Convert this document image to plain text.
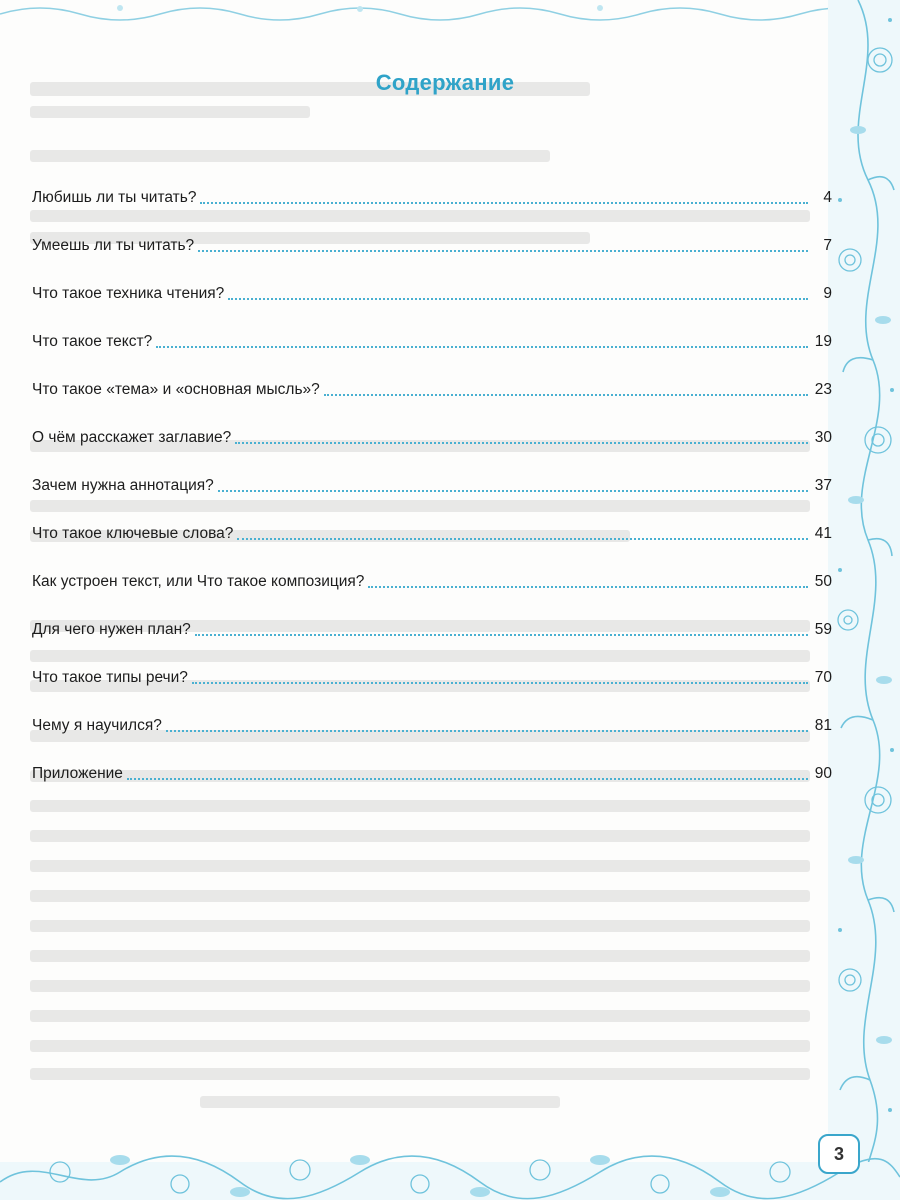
Содержание
Любишь ли ты читать?	4
Умеешь ли ты читать?	7
Что такое техника чтения?	9
Что такое текст?	19
Что такое «тема» и «основная мысль»?	23
О чём расскажет заглавие?	30
Зачем нужна аннотация?	37
Что такое ключевые слова?	41
Как устроен текст, или Что такое композиция?	50
Для чего нужен план?	59
Что такое типы речи?	70
Чему я научился?	81
Приложение	90
3
